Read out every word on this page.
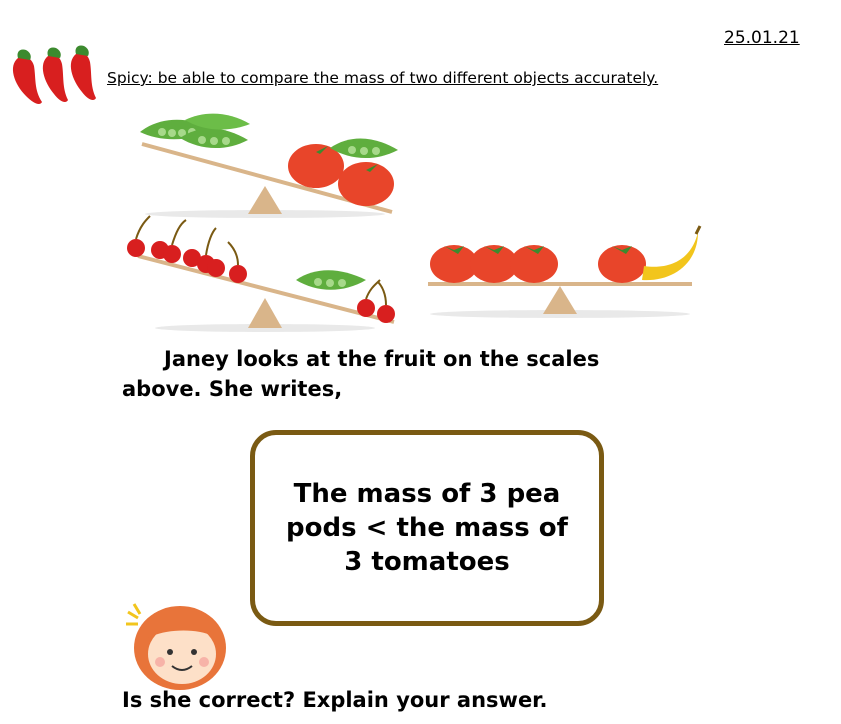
25.01.21
Spicy: be able to compare the mass of two different objects accurately.
Janey looks at the fruit on the scales
above. She writes,
The mass of 3 pea pods < the mass of 3 tomatoes
Is she correct? Explain your answer.
